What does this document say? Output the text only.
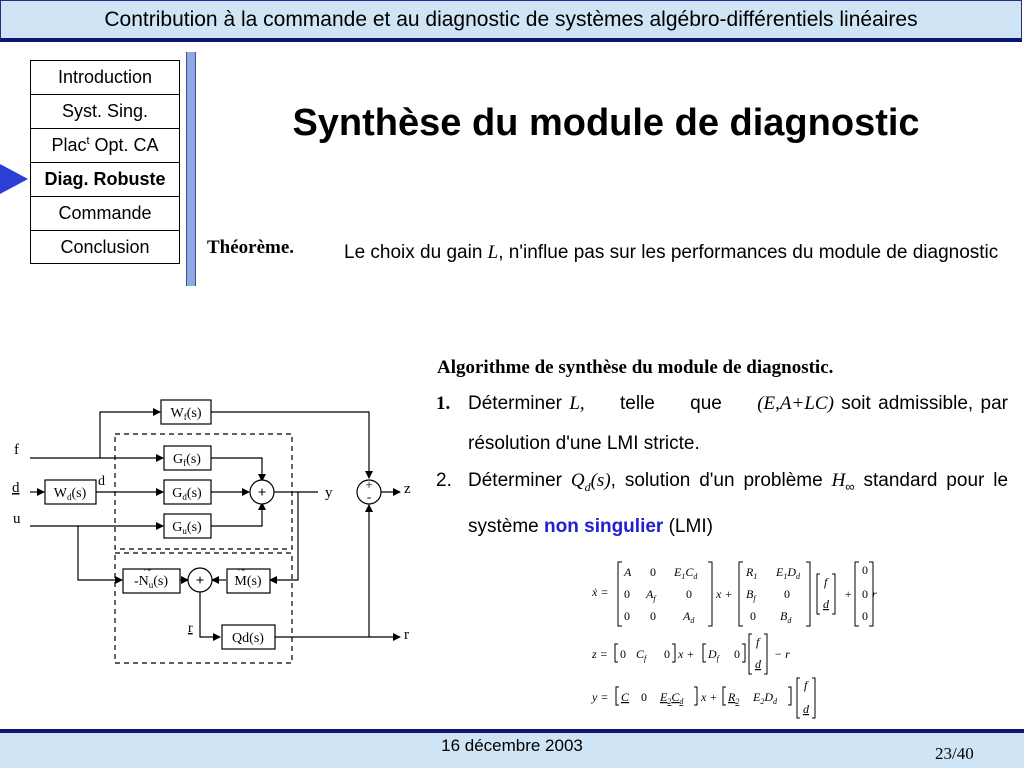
Contribution à la commande et au diagnostic de systèmes algébro-différentiels linéaires
Introduction
Syst. Sing.
Plac$^t$ Opt. CA
Diag. Robuste
Commande
Conclusion
Synthèse du module de diagnostic
Théorème.	Le choix du gain L, n'influe pas sur les performances du module de diagnostic
Algorithme de synthèse du module de diagnostic.
1. Déterminer L, telle que (E,A+LC) soit admissible, par résolution d'une LMI stricte.
2. Déterminer $Q_d(s)$, solution d'un problème $H_\infty$ standard pour le système non singulier (LMI)
+
+
+
-
$W_f(s)$
$G_f(s)$
$G_d(s)$
$G_u(s)$
$W_d(s)$
$-N_u(s)$
~
M(s)
~
Qd(s)
f
d
u
d
y	z
r
r
ẋ =
A 0 $E_1C_d$
0 $A_f$	0
0 0 $A_d$
x +
$R_1$ $E_1D_d$
$B_f$ 0
0 $B_d$
f
d
+
0
0
0
r
z = 0 $C_f$ 0 $x + D_f$ 0
f
d
− r
y = C 0 $E_2C_d$ $x + R_2$ $E_2D_d$
f
d
16 décembre 2003	23/40
